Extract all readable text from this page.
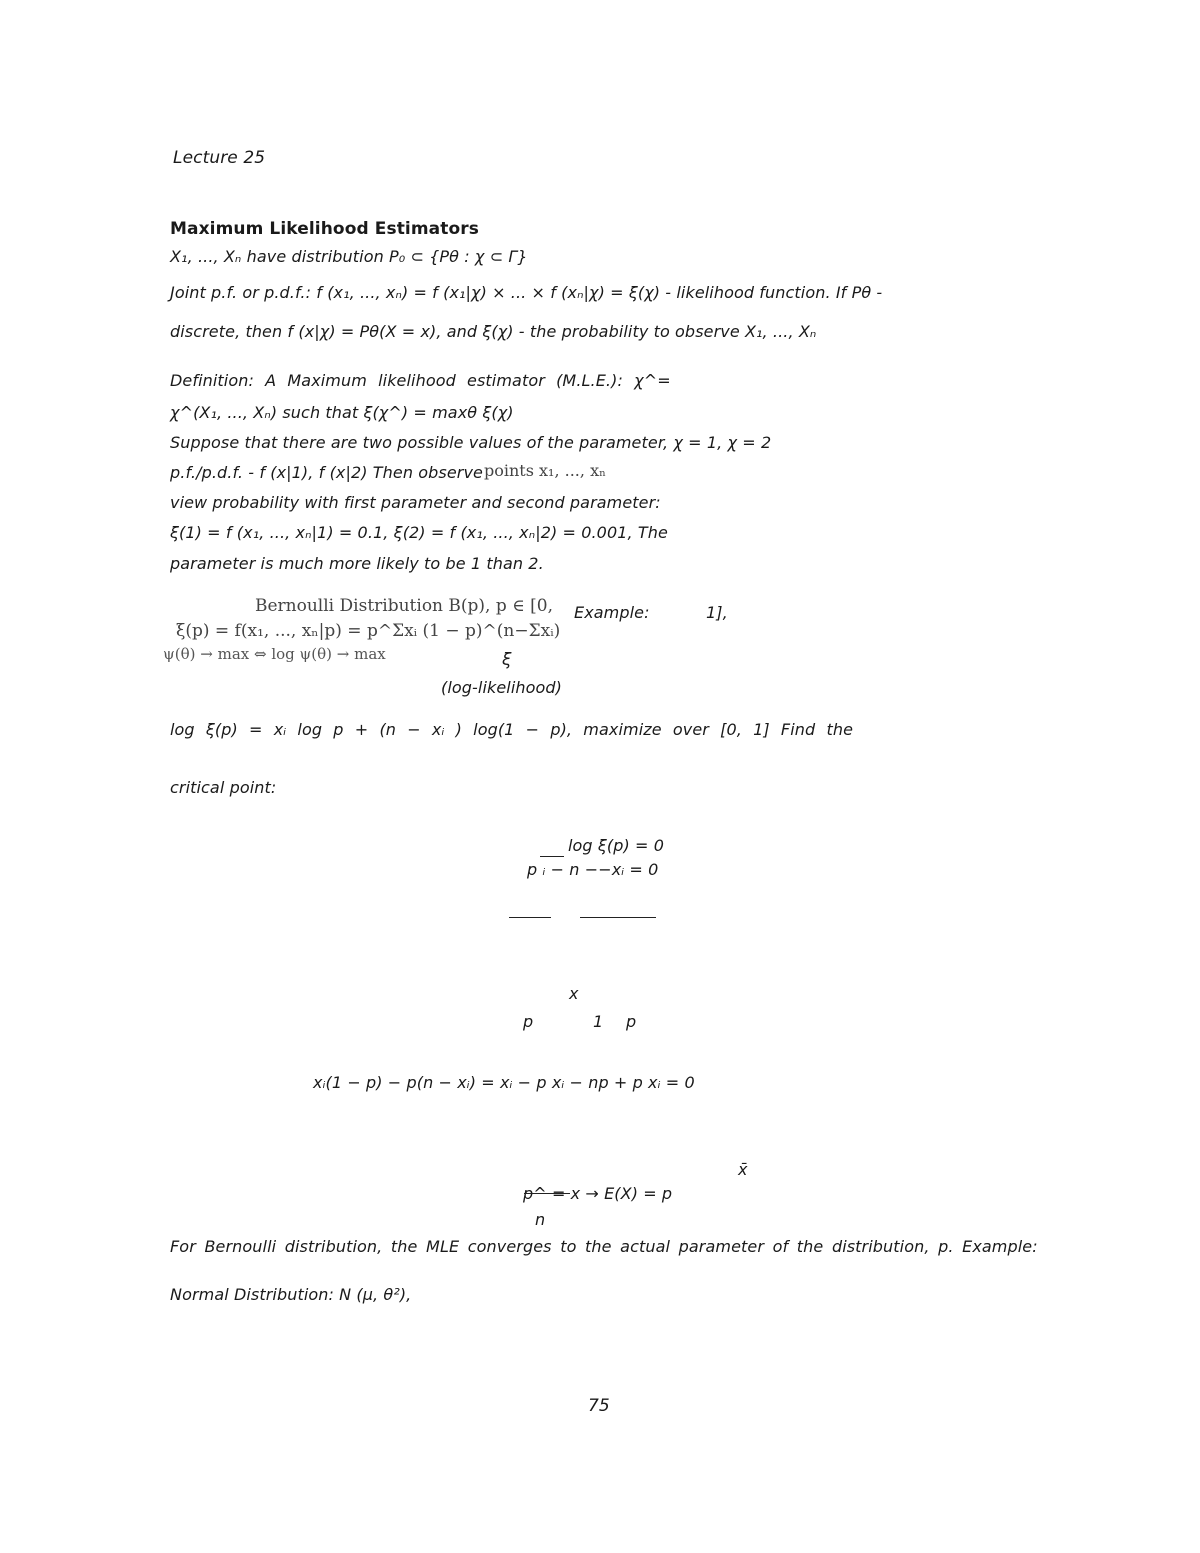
Lecture 25
Maximum Likelihood Estimators
X₁, ..., Xₙ have distribution P₀ ⊂ {Pθ : χ ⊂ Γ}
Joint p.f. or p.d.f.: f (x₁, ..., xₙ) = f (x₁|χ) × ... × f (xₙ|χ) = ξ(χ) - likelihood function. If Pθ -
discrete, then f (x|χ) = Pθ(X = x), and ξ(χ) - the probability to observe X₁, ..., Xₙ
Definition: A Maximum likelihood estimator (M.L.E.): χ^=
χ^(X₁, ..., Xₙ) such that ξ(χ^) = maxθ ξ(χ)
Suppose that there are two possible values of the parameter, χ = 1, χ = 2
p.f./p.d.f. - f (x|1), f (x|2) Then observe points x₁, ..., xₙ
view probability with first parameter and second parameter:
ξ(1) = f (x₁, ..., xₙ|1) = 0.1, ξ(2) = f (x₁, ..., xₙ|2) = 0.001, The
parameter is much more likely to be 1 than 2.
Bernoulli Distribution B(p), p ∈ [0, Example:	1],
ξ(p) = f(x₁, ..., xₙ|p) = p^Σxᵢ (1 − p)^(n−Σxᵢ)
ψ(θ) → max ⇔ log ψ(θ) → max	ξ
(log-likelihood)
log ξ(p) = xᵢ log p + (n − xᵢ ) log(1 − p), maximize over [0, 1] Find the
critical point:
log ξ(p) = 0
p ᵢ − n −−xᵢ = 0
x
p	1 p
xᵢ(1 − p) − p(n − xᵢ) = xᵢ − p xᵢ − np + p xᵢ = 0
x̄
p^ = x → E(X) = p
n
For Bernoulli distribution, the MLE converges to the actual parameter of the distribution, p. Example:
Normal Distribution: N (μ, θ²),
75
